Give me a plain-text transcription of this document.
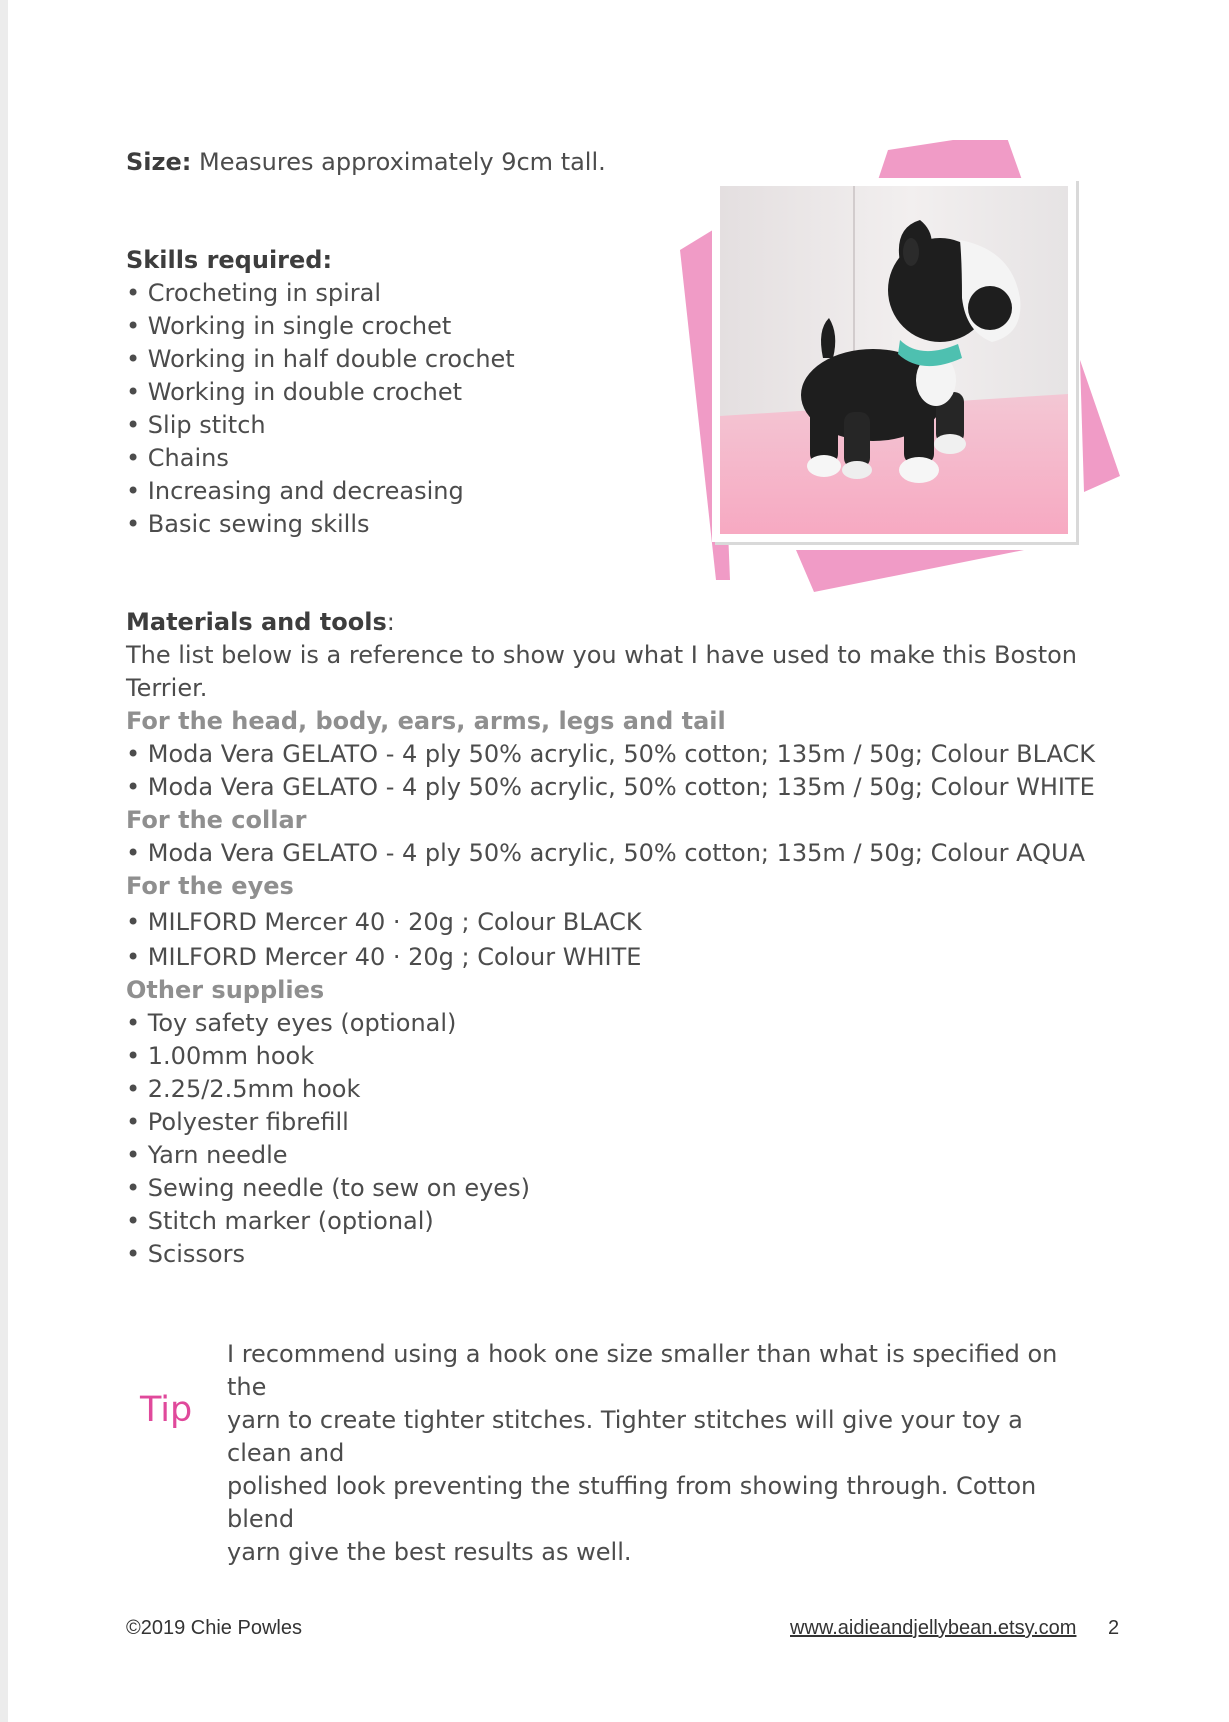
Size: Measures approximately 9cm tall.
Skills required:
• Crocheting in spiral
• Working in single crochet
• Working in half double crochet
• Working in double crochet
• Slip stitch
• Chains
• Increasing and decreasing
• Basic sewing skills
Materials and tools:
The list below is a reference to show you what I have used to make this Boston
Terrier.
For the head, body, ears, arms, legs and tail
• Moda Vera GELATO - 4 ply 50% acrylic, 50% cotton; 135m / 50g; Colour BLACK
• Moda Vera GELATO - 4 ply 50% acrylic, 50% cotton; 135m / 50g; Colour WHITE
For the collar
• Moda Vera GELATO - 4 ply 50% acrylic, 50% cotton; 135m / 50g; Colour AQUA
For the eyes
• MILFORD Mercer 40 · 20g ; Colour BLACK
• MILFORD Mercer 40 · 20g ; Colour WHITE
Other supplies
• Toy safety eyes (optional)
• 1.00mm hook
• 2.25/2.5mm hook
• Polyester fibrefill
• Yarn needle
• Sewing needle (to sew on eyes)
• Stitch marker (optional)
• Scissors
Tip
I recommend using a hook one size smaller than what is specified on the
yarn to create tighter stitches. Tighter stitches will give your toy a clean and
polished look preventing the stuffing from showing through. Cotton blend
yarn give the best results as well.
©2019 Chie Powles	www.aidieandjellybean.etsy.com 2
